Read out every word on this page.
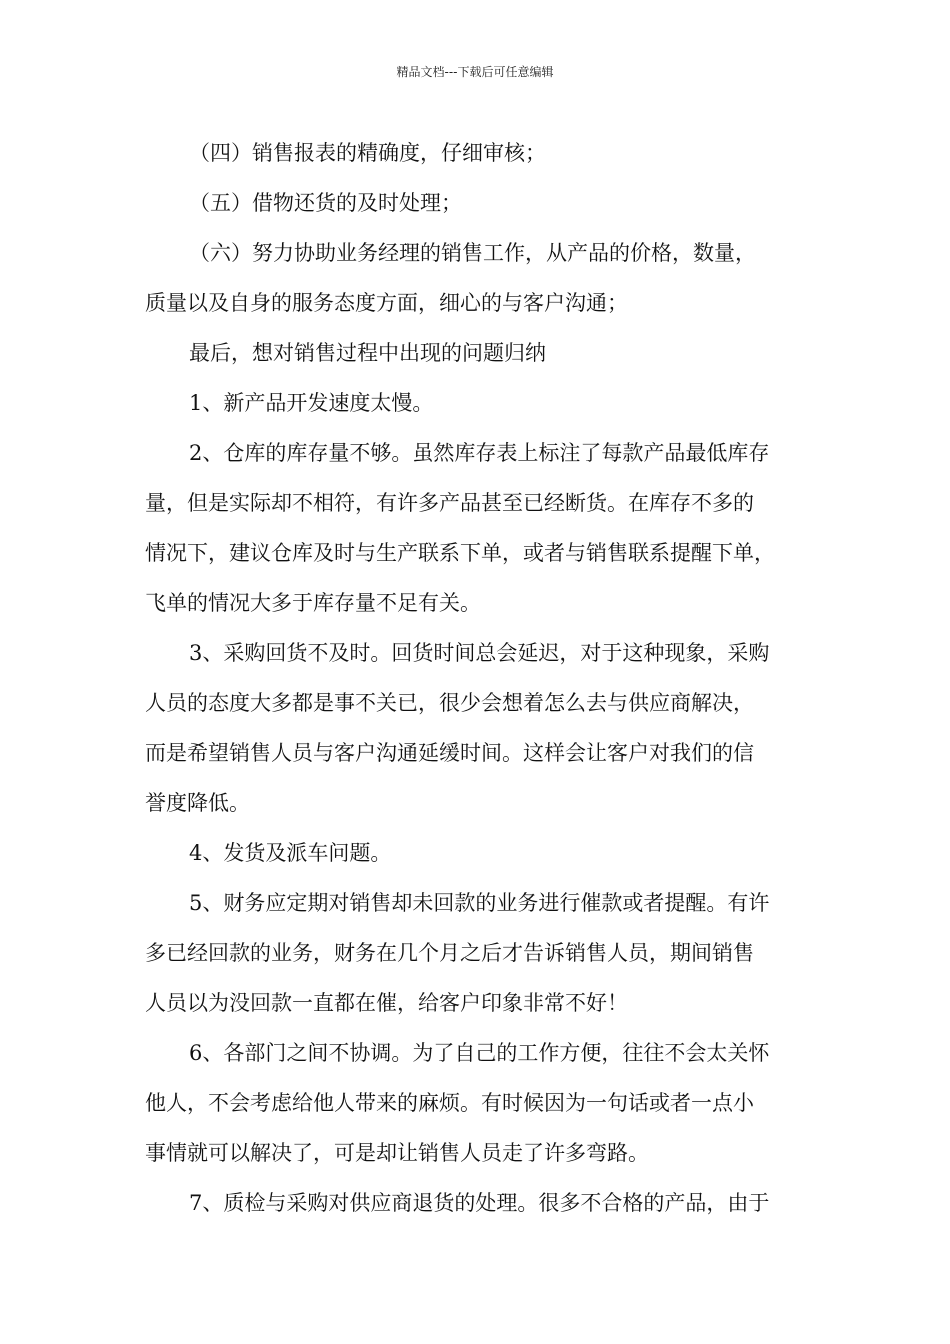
精品文档---下载后可任意编辑
（四）销售报表的精确度，仔细审核；
（五）借物还货的及时处理；
（六）努力协助业务经理的销售工作，从产品的价格，数量，
质量以及自身的服务态度方面，细心的与客户沟通；
最后，想对销售过程中出现的问题归纳
1、新产品开发速度太慢。
2、仓库的库存量不够。虽然库存表上标注了每款产品最低库存
量，但是实际却不相符，有许多产品甚至已经断货。在库存不多的
情况下，建议仓库及时与生产联系下单，或者与销售联系提醒下单，
飞单的情况大多于库存量不足有关。
3、采购回货不及时。回货时间总会延迟，对于这种现象，采购
人员的态度大多都是事不关已，很少会想着怎么去与供应商解决，
而是希望销售人员与客户沟通延缓时间。这样会让客户对我们的信
誉度降低。
4、发货及派车问题。
5、财务应定期对销售却未回款的业务进行催款或者提醒。有许
多已经回款的业务，财务在几个月之后才告诉销售人员，期间销售
人员以为没回款一直都在催，给客户印象非常不好！
6、各部门之间不协调。为了自己的工作方便，往往不会太关怀
他人，不会考虑给他人带来的麻烦。有时候因为一句话或者一点小
事情就可以解决了，可是却让销售人员走了许多弯路。
7、质检与采购对供应商退货的处理。很多不合格的产品，由于
